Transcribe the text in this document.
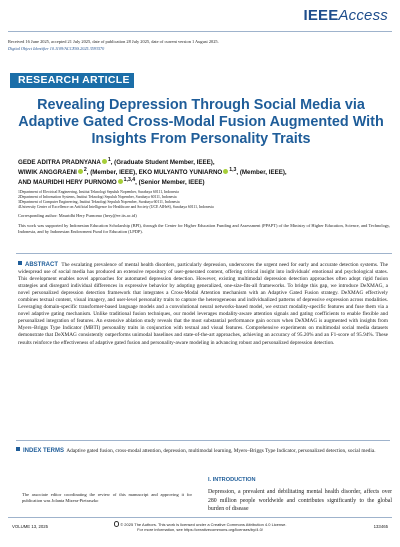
IEEEAccess
Received 16 June 2025, accepted 21 July 2025, date of publication 28 July 2025, date of current version 1 August 2025.
Digital Object Identifier 10.1109/ACCESS.2025.3593570
RESEARCH ARTICLE
Revealing Depression Through Social Media via Adaptive Gated Cross-Modal Fusion Augmented With Insights From Personality Traits
GEDE ADITRA PRADNYANA $^1$, (Graduate Student Member, IEEE),
WIWIK ANGGRAENI $^2$, (Member, IEEE), EKO MULYANTO YUNIARNO $^{1,3}$, (Member, IEEE),
AND MAURIDHI HERY PURNOMO $^{1,3,4}$, (Senior Member, IEEE)
1Department of Electrical Engineering, Institut Teknologi Sepuluh Nopember, Surabaya 60111, Indonesia
2Department of Information Systems, Institut Teknologi Sepuluh Nopember, Surabaya 60111, Indonesia
3Department of Computer Engineering, Institut Teknologi Sepuluh Nopember, Surabaya 60111, Indonesia
4University Center of Excellence on Artificial Intelligence for Healthcare and Society (UCE AIHeS), Surabaya 60111, Indonesia
Corresponding author: Mauridhi Hery Purnomo (hery@ee.its.ac.id)
This work was supported by Indonesian Education Scholarship (BPI), through the Center for Higher Education Funding and Assessment (PPAPT) of the Ministry of Higher Education, Science, and Technology, Indonesia, and by Indonesian Endowment Fund for Education (LPDP).
ABSTRACT The escalating prevalence of mental health disorders, particularly depression, underscores the urgent need for early and accurate detection systems. The widespread use of social media has produced an extensive repository of user-generated content, offering critical insight into individuals' emotional and psychological states. This development enables novel approaches for automated depression detection. However, existing multimodal depression detection approaches often adopt rigid fusion strategies and disregard individual differences in expressive behavior by adopting generalized, one-size-fits-all frameworks. To bridge this gap, we introduce DeXMAG, a novel personalized depression detection framework that integrates a Cross-Modal Attention mechanism with an Adaptive Gated Fusion strategy. DeXMAG effectively combines textual content, visual imagery, and user-level personality traits to capture the heterogeneous and individualized patterns of depressive expression across modalities. Leveraging domain-specific transformer-based language models and a convolutional neural networks-based model, we extract modality-specific features and fuse them via a novel adaptive gating mechanism. Unlike traditional fusion techniques, our model leverages modality-aware attention signals and gating coefficients to enable flexible and personalized integration of features. An extensive ablation study reveals that the most substantial performance gain occurs when DeXMAG is augmented with insights from Myers–Briggs Type Indicator (MBTI) personality traits in conjunction with textual and visual features. Comprehensive experiments on multimodal social media datasets demonstrate that DeXMAG consistently outperforms unimodal baselines and state-of-the-art approaches, achieving an accuracy of 95.20% and an F1-score of 95.94%. These results reinforce the effectiveness of adaptive gated fusion and personality-aware modeling in advancing robust and personalized depression detection.
INDEX TERMS Adaptive gated fusion, cross-modal attention, depression, multimodal learning, Myers–Briggs Type Indicator, personalized detection, social media.
The associate editor coordinating the review of this manuscript and approving it for publication was Jolanta Mizera-Pietraszko
I. INTRODUCTION
Depression, a prevalent and debilitating mental health disorder, affects over 280 million people worldwide and contributes significantly to the global burden of disease
VOLUME 13, 2025	© 2025 The Authors. This work is licensed under a Creative Commons Attribution 4.0 License.
For more information, see https://creativecommons.org/licenses/by/4.0/
133465
